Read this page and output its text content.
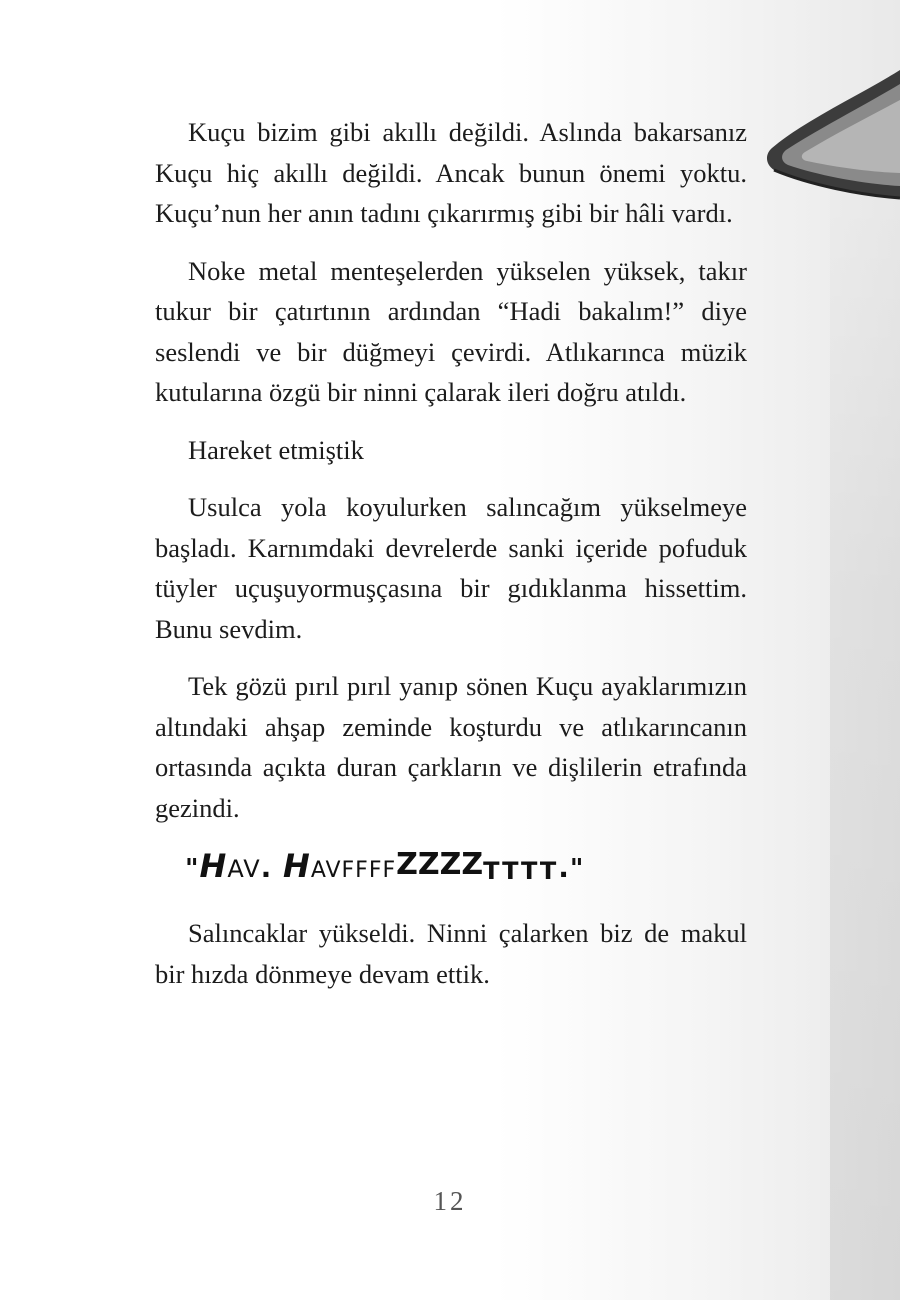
Kuçu bizim gibi akıllı değildi. Aslında bakarsanız Kuçu hiç akıllı değildi. Ancak bunun önemi yoktu. Kuçu’nun her anın tadını çıkarırmış gibi bir hâli vardı.

Noke metal menteşelerden yükselen yüksek, takır tukur bir çatırtının ardından “Hadi bakalım!” diye seslendi ve bir düğmeyi çevirdi. Atlıkarınca müzik kutularına özgü bir ninni çalarak ileri doğru atıldı.

Hareket etmiştik

Usulca yola koyulurken salıncağım yükselmeye başladı. Karnımdaki devrelerde sanki içeride pofuduk tüyler uçuşuyormuşçasına bir gıdıklanma hissettim. Bunu sevdim.

Tek gözü pırıl pırıl yanıp sönen Kuçu ayaklarımızın altındaki ahşap zeminde koşturdu ve atlıkarıncanın ortasında açıkta duran çarkların ve dişlilerin etrafında gezindi.

"HAV. HAVFFFFZZZZTTTT."

Salıncaklar yükseldi. Ninni çalarken biz de makul bir hızda dönmeye devam ettik.

12
